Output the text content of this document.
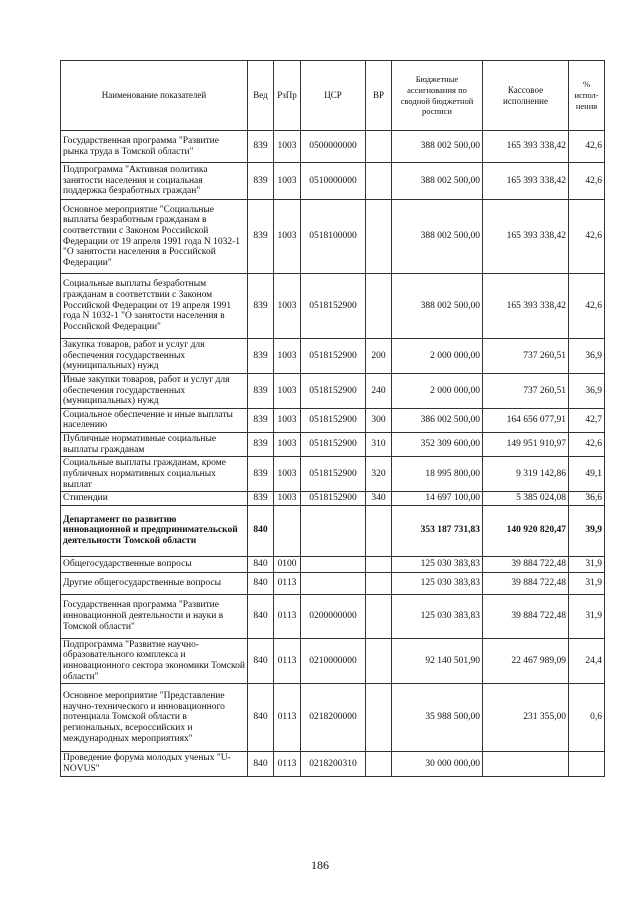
Наименование показателей	Вед	РзПр	ЦСР	ВР	Бюджетные ассигнования по сводной бюджетной росписи	Кассовое исполнение	% испол- нения
Государственная программа "Развитие рынка труда в Томской области"	839	1003	0500000000		388 002 500,00	165 393 338,42	42,6
Подпрограмма "Активная политика занятости населения и социальная поддержка безработных граждан"	839	1003	0510000000		388 002 500,00	165 393 338,42	42,6
Основное мероприятие "Социальные выплаты безработным гражданам в соответствии с Законом Российской Федерации от 19 апреля 1991 года N 1032-1 "О занятости населения в Российской Федерации"	839	1003	0518100000		388 002 500,00	165 393 338,42	42,6
Социальные выплаты безработным гражданам в соответствии с Законом Российской Федерации от 19 апреля 1991 года N 1032-1 "О занятости населения в Российской Федерации"	839	1003	0518152900		388 002 500,00	165 393 338,42	42,6
Закупка товаров, работ и услуг для обеспечения государственных (муниципальных) нужд	839	1003	0518152900	200	2 000 000,00	737 260,51	36,9
Иные закупки товаров, работ и услуг для обеспечения государственных (муниципальных) нужд	839	1003	0518152900	240	2 000 000,00	737 260,51	36,9
Социальное обеспечение и иные выплаты населению	839	1003	0518152900	300	386 002 500,00	164 656 077,91	42,7
Публичные нормативные социальные выплаты гражданам	839	1003	0518152900	310	352 309 600,00	149 951 910,97	42,6
Социальные выплаты гражданам, кроме публичных нормативных социальных выплат	839	1003	0518152900	320	18 995 800,00	9 319 142,86	49,1
Стипендии	839	1003	0518152900	340	14 697 100,00	5 385 024,08	36,6
Департамент по развитию инновационной и предпринимательской деятельности Томской области	840				353 187 731,83	140 920 820,47	39,9
Общегосударственные вопросы	840	0100			125 030 383,83	39 884 722,48	31,9
Другие общегосударственные вопросы	840	0113			125 030 383,83	39 884 722,48	31,9
Государственная программа "Развитие инновационной деятельности и науки в Томской области"	840	0113	0200000000		125 030 383,83	39 884 722,48	31,9
Подпрограмма "Развитие научно-образовательного комплекса и инновационного сектора экономики Томской области"	840	0113	0210000000		92 140 501,90	22 467 989,09	24,4
Основное мероприятие "Представление научно-технического и инновационного потенциала Томской области в региональных, всероссийских и международных мероприятиях"	840	0113	0218200000		35 988 500,00	231 355,00	0,6
Проведение форума молодых ученых "U-NOVUS"	840	0113	0218200310		30 000 000,00		
186
